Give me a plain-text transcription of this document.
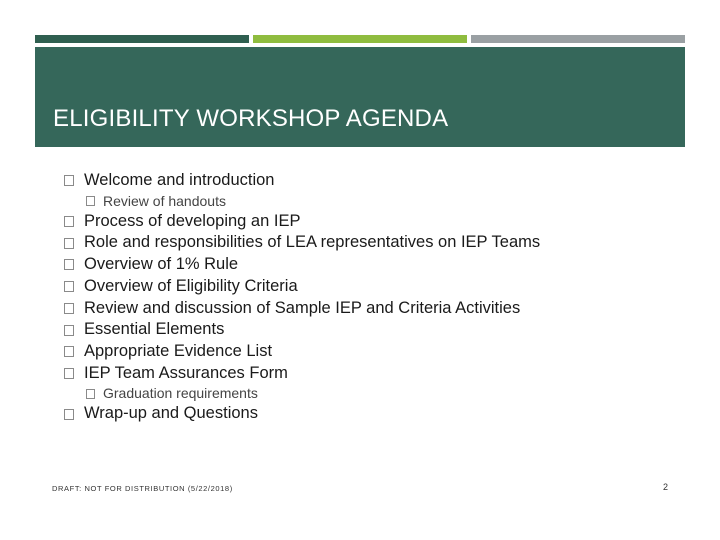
ELIGIBILITY WORKSHOP AGENDA
Welcome and introduction
Review of handouts
Process of developing an IEP
Role and responsibilities of LEA representatives on IEP Teams
Overview of 1% Rule
Overview of Eligibility Criteria
Review and discussion of Sample IEP and Criteria Activities
Essential Elements
Appropriate Evidence List
IEP Team Assurances Form
Graduation requirements
Wrap-up and Questions
DRAFT: NOT FOR DISTRIBUTION (5/22/2018)	2
